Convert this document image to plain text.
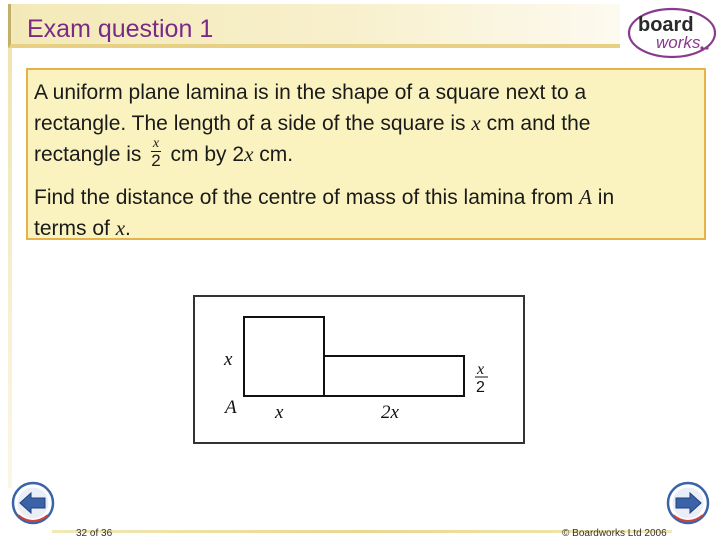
Exam question 1	board
works

A uniform plane lamina is in the shape of a square next to a
rectangle. The length of a side of the square is x cm and the
rectangle is $\frac{x}{2}$ cm by 2x cm.

Find the distance of the centre of mass of this lamina from A in
terms of x.

x
A x	2x
x
2
32 of 36	© Boardworks Ltd 2006
